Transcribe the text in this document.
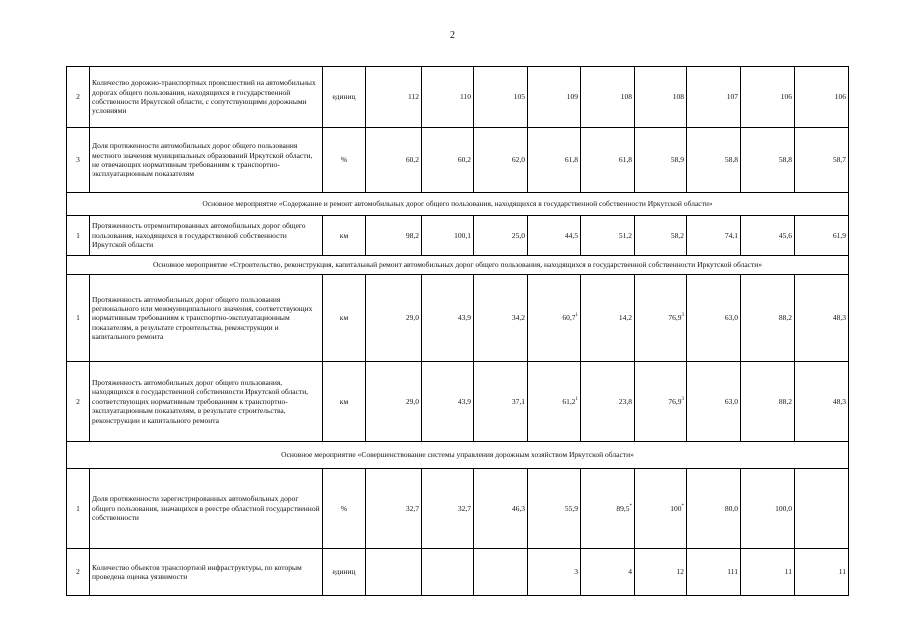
2
2	Количество дорожно-транспортных происшествий на автомобильных дорогах общего пользования, находящихся в государственной собственности Иркутской области, с сопутствующими дорожными условиями	единиц	112	110	105	109	108	108	107	106	106
3	Доля протяженности автомобильных дорог общего пользования местного значения муниципальных образований Иркутской области, не отвечающих нормативным требованиям к транспортно-эксплуатационным показателям	%	60,2	60,2	62,0	61,8	61,8	58,9	58,8	58,8	58,7
Основное мероприятие «Содержание и ремонт автомобильных дорог общего пользования, находящихся в государственной собственности Иркутской области»											
1	Протяженность отремонтированных автомобильных дорог общего пользования, находящихся в государственной собственности Иркутской области	км	98,2	100,1	25,0	44,5	51,2	58,2	74,1	45,6	61,9
Основное мероприятие «Строительство, реконструкция, капитальный ремонт автомобильных дорог общего пользования, находящихся в государственной собственности Иркутской области»											
1	Протяженность автомобильных дорог общего пользования регионального или межмуниципального значения, соответствующих нормативным требованиям к транспортно-эксплуатационным показателям, в результате строительства, реконструкции и капитального ремонта	км	29,0	43,9	34,2	60,7$^1$	14,2	76,9$^3$	63,0	88,2	48,3
2	Протяженность автомобильных дорог общего пользования, находящихся в государственной собственности Иркутской области, соответствующих нормативным требованиям к транспортно-эксплуатационным показателям, в результате строительства, реконструкции и капитального ремонта	км	29,0	43,9	37,1	61,2$^1$	23,8	76,9$^3$	63,0	88,2	48,3
Основное мероприятие «Совершенствование системы управления дорожным хозяйством Иркутской области»											
1	Доля протяженности зарегистрированных автомобильных дорог общего пользования, значащихся в реестре областной государственной собственности	%	32,7	32,7	46,3	55,9	89,5*	100*	80,0	100,0	
2	Количество объектов транспортной инфраструктуры, по которым проведена оценка уязвимости	единиц				3	4	12	111	11	11
